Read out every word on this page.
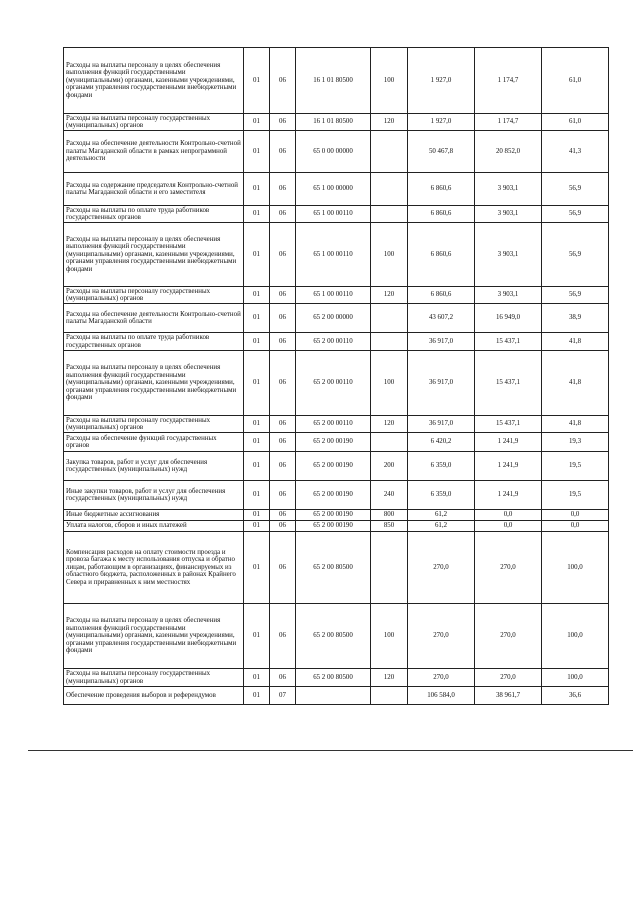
Расходы на выплаты персоналу в целях обеспечения выполнения функций государственными (муниципальными) органами, казенными учреждениями, органами управления государственными внебюджетными фондами	01	06	16 1 01 80500	100	1 927,0	1 174,7	61,0
Расходы на выплаты персоналу государственных (муниципальных) органов	01	06	16 1 01 80500	120	1 927,0	1 174,7	61,0
Расходы на обеспечение деятельности Контрольно-счетной палаты Магаданской области в рамках непрограммной деятельности	01	06	65 0 00 00000		50 467,8	20 852,0	41,3
Расходы на содержание председателя Контрольно-счетной палаты Магаданской области и его заместителя	01	06	65 1 00 00000		6 860,6	3 903,1	56,9
Расходы на выплаты по оплате труда работников государственных органов	01	06	65 1 00 00110		6 860,6	3 903,1	56,9
Расходы на выплаты персоналу в целях обеспечения выполнения функций государственными (муниципальными) органами, казенными учреждениями, органами управления государственными внебюджетными фондами	01	06	65 1 00 00110	100	6 860,6	3 903,1	56,9
Расходы на выплаты персоналу государственных (муниципальных) органов	01	06	65 1 00 00110	120	6 860,6	3 903,1	56,9
Расходы на обеспечение деятельности Контрольно-счетной палаты Магаданской области	01	06	65 2 00 00000		43 607,2	16 949,0	38,9
Расходы на выплаты по оплате труда работников государственных органов	01	06	65 2 00 00110		36 917,0	15 437,1	41,8
Расходы на выплаты персоналу в целях обеспечения выполнения функций государственными (муниципальными) органами, казенными учреждениями, органами управления государственными внебюджетными фондами	01	06	65 2 00 00110	100	36 917,0	15 437,1	41,8
Расходы на выплаты персоналу государственных (муниципальных) органов	01	06	65 2 00 00110	120	36 917,0	15 437,1	41,8
Расходы на обеспечение функций государственных органов	01	06	65 2 00 00190		6 420,2	1 241,9	19,3
Закупка товаров, работ и услуг для обеспечения государственных (муниципальных) нужд	01	06	65 2 00 00190	200	6 359,0	1 241,9	19,5
Иные закупки товаров, работ и услуг для обеспечения государственных (муниципальных) нужд	01	06	65 2 00 00190	240	6 359,0	1 241,9	19,5
Иные бюджетные ассигнования	01	06	65 2 00 00190	800	61,2	0,0	0,0
Уплата налогов, сборов и иных платежей	01	06	65 2 00 00190	850	61,2	0,0	0,0
Компенсация расходов на оплату стоимости проезда и провоза багажа к месту использования отпуска и обратно лицам, работающим в организациях, финансируемых из областного бюджета, расположенных в районах Крайнего Севера и приравненных к ним местностях	01	06	65 2 00 80500		270,0	270,0	100,0
Расходы на выплаты персоналу в целях обеспечения выполнения функций государственными (муниципальными) органами, казенными учреждениями, органами управления государственными внебюджетными фондами	01	06	65 2 00 80500	100	270,0	270,0	100,0
Расходы на выплаты персоналу государственных (муниципальных) органов	01	06	65 2 00 80500	120	270,0	270,0	100,0
Обеспечение проведения выборов и референдумов	01	07			106 584,0	38 961,7	36,6
